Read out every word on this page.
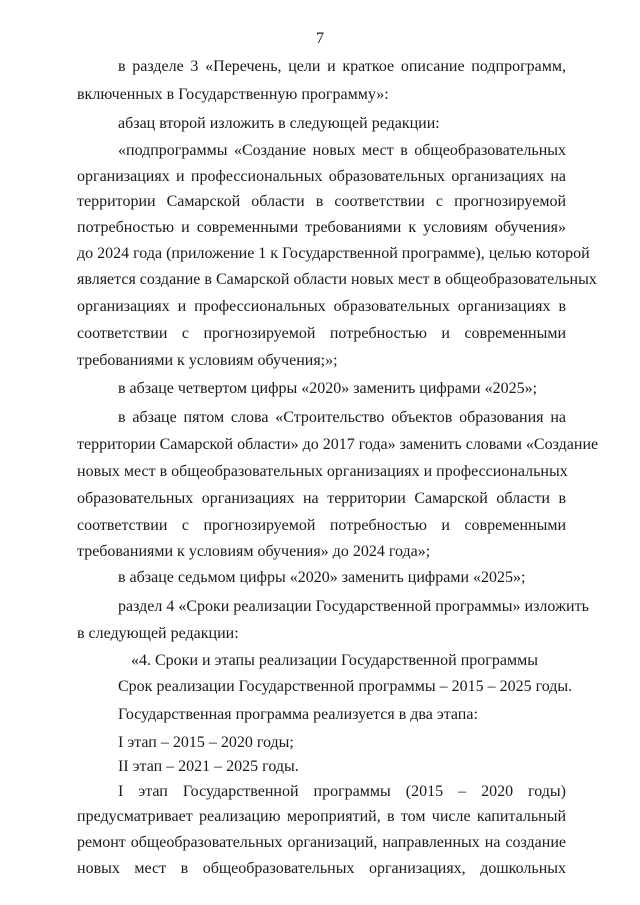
7
в разделе 3 «Перечень, цели и краткое описание подпрограмм,
включенных в Государственную программу»:
абзац второй изложить в следующей редакции:
«подпрограммы «Создание новых мест в общеобразовательных
организациях и профессиональных образовательных организациях на
территории Самарской области в соответствии с прогнозируемой
потребностью и современными требованиями к условиям обучения»
до 2024 года (приложение 1 к Государственной программе), целью которой
является создание в Самарской области новых мест в общеобразовательных
организациях и профессиональных образовательных организациях в
соответствии с прогнозируемой потребностью и современными
требованиями к условиям обучения;»;
в абзаце четвертом цифры «2020» заменить цифрами «2025»;
в абзаце пятом слова «Строительство объектов образования на
территории Самарской области» до 2017 года» заменить словами «Создание
новых мест в общеобразовательных организациях и профессиональных
образовательных организациях на территории Самарской области в
соответствии с прогнозируемой потребностью и современными
требованиями к условиям обучения» до 2024 года»;
в абзаце седьмом цифры «2020» заменить цифрами «2025»;
раздел 4 «Сроки реализации Государственной программы» изложить
в следующей редакции:
«4. Сроки и этапы реализации Государственной программы
Срок реализации Государственной программы – 2015 – 2025 годы.
Государственная программа реализуется в два этапа:
I этап – 2015 – 2020 годы;
II этап – 2021 – 2025 годы.
I этап Государственной программы (2015 – 2020 годы)
предусматривает реализацию мероприятий, в том числе капитальный
ремонт общеобразовательных организаций, направленных на создание
новых мест в общеобразовательных организациях, дошкольных
